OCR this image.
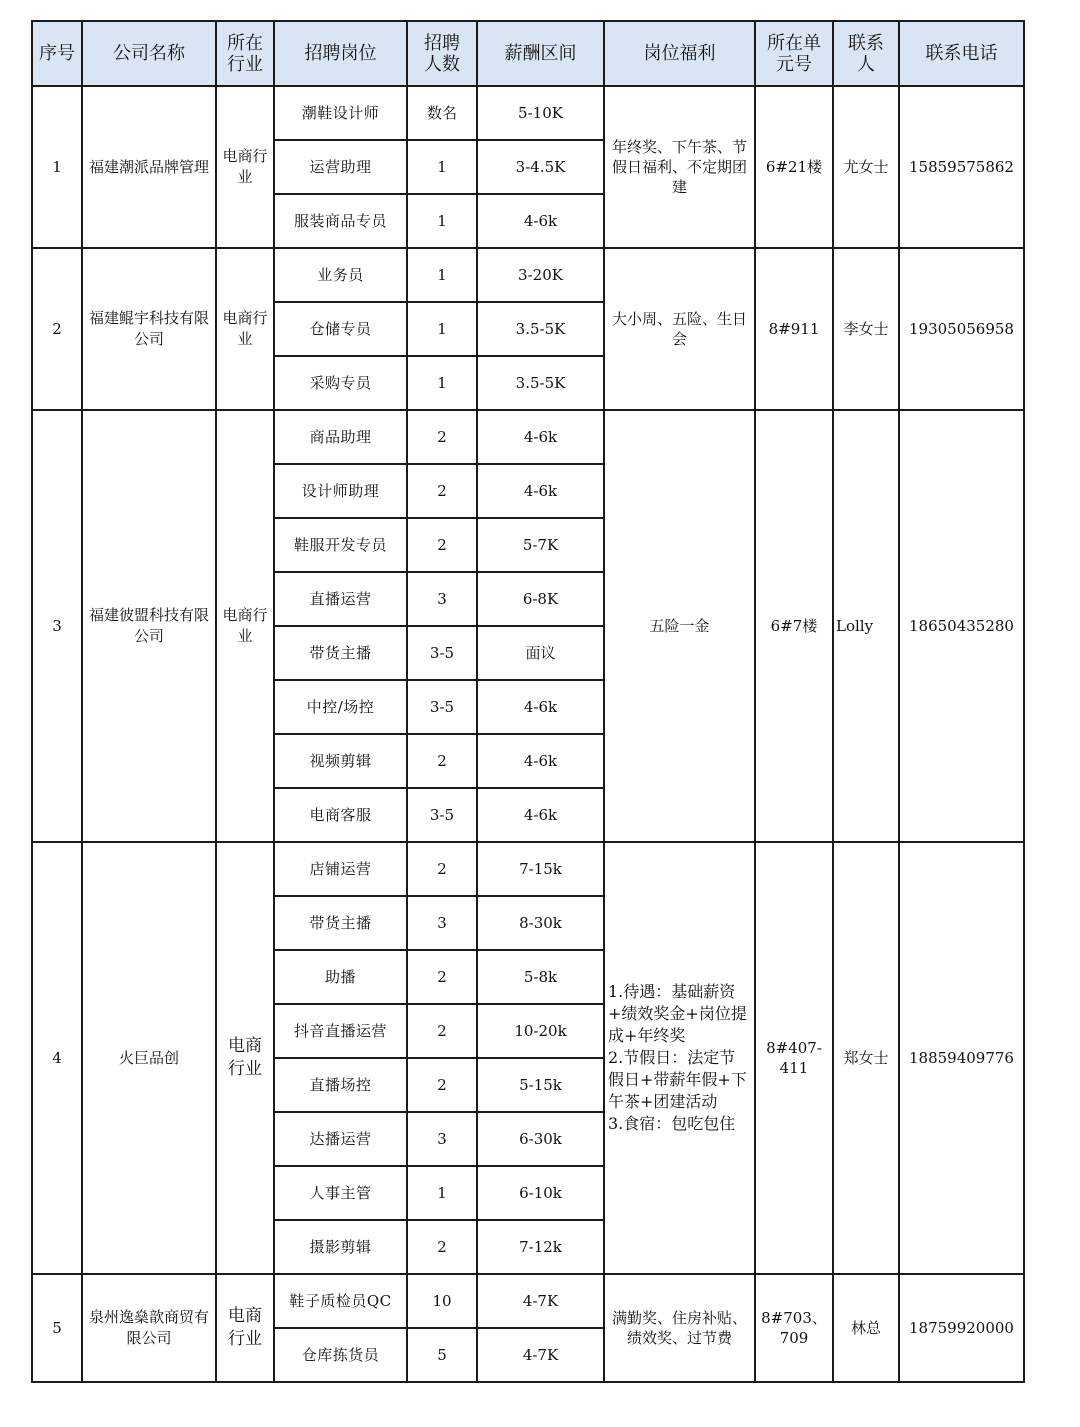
序号	公司名称	所在行业	招聘岗位	招聘人数	薪酬区间	岗位福利	所在单元号	联系人	联系电话
1	福建潮派品牌管理	电商行业	潮鞋设计师	数名	5-10K	年终奖、下午茶、节假日福利、不定期团建	6#21楼	尤女士	15859575862
			运营助理	1	3-4.5K				
			服装商品专员	1	4-6k				
2	福建鲲宇科技有限公司	电商行业	业务员	1	3-20K	大小周、五险、生日会	8#911	李女士	19305056958
			仓储专员	1	3.5-5K				
			采购专员	1	3.5-5K				
3	福建彼盟科技有限公司	电商行业	商品助理	2	4-6k	五险一金	6#7楼	Lolly	18650435280
			设计师助理	2	4-6k				
			鞋服开发专员	2	5-7K				
			直播运营	3	6-8K				
			带货主播	3-5	面议				
			中控/场控	3-5	4-6k				
			视频剪辑	2	4-6k				
			电商客服	3-5	4-6k				
4	火巨品创	电商行业	店铺运营	2	7-15k	1.待遇：基础薪资+绩效奖金+岗位提成+年终奖
2.节假日：法定节假日+带薪年假+下午茶+团建活动
3.食宿：包吃包住	8#407-411	郑女士	18859409776
			带货主播	3	8-30k				
			助播	2	5-8k				
			抖音直播运营	2	10-20k				
			直播场控	2	5-15k				
			达播运营	3	6-30k				
			人事主管	1	6-10k				
			摄影剪辑	2	7-12k				
5	泉州逸燊歆商贸有限公司	电商行业	鞋子质检员QC	10	4-7K	满勤奖、住房补贴、绩效奖、过节费	8#703、709	林总	18759920000
			仓库拣货员	5	4-7K				
